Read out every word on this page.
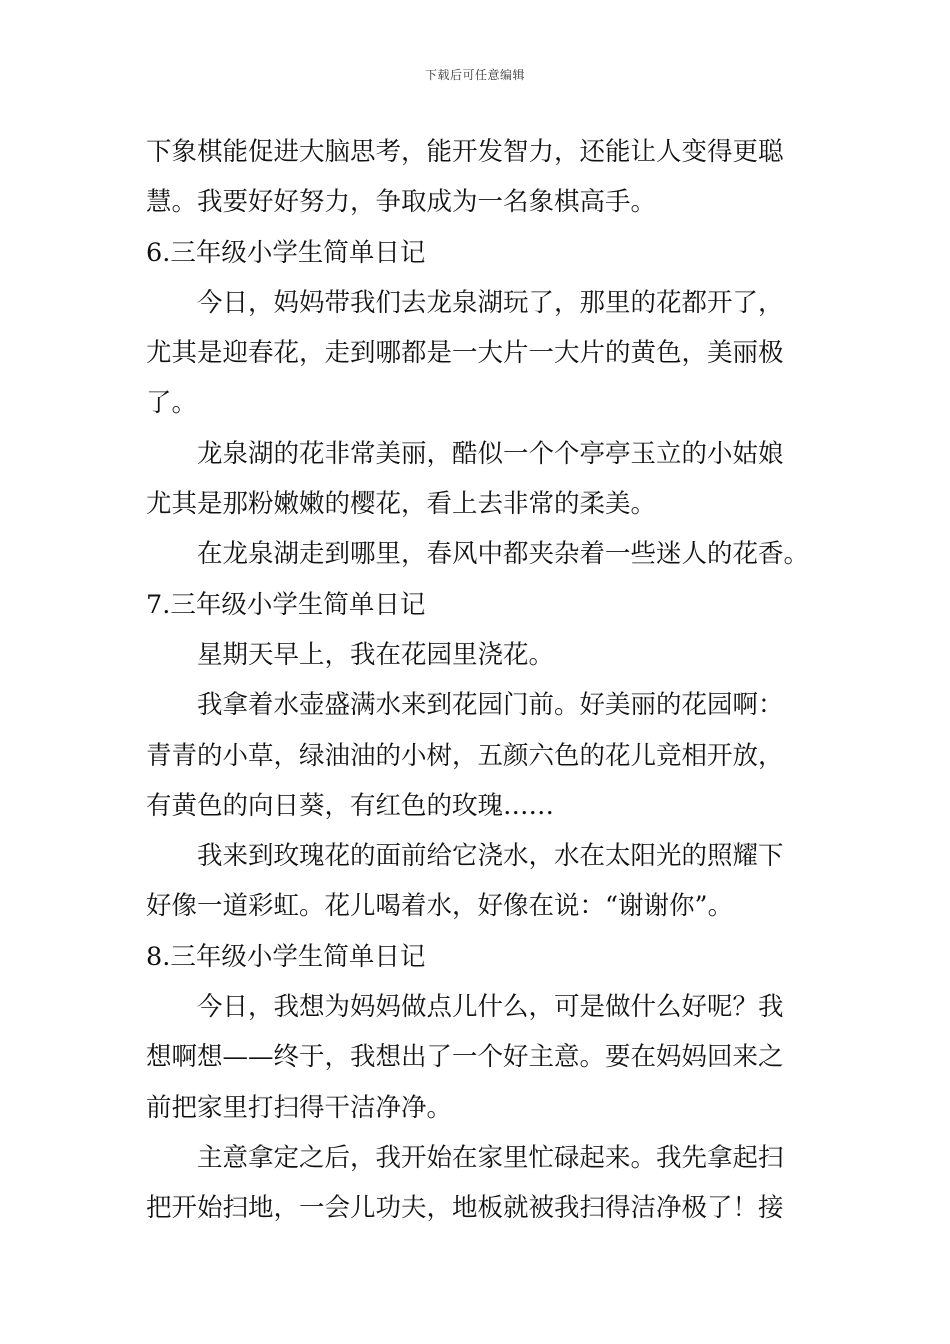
下载后可任意编辑
下象棋能促进大脑思考，能开发智力，还能让人变得更聪
慧。我要好好努力，争取成为一名象棋高手。
6.三年级小学生简单日记
今日，妈妈带我们去龙泉湖玩了，那里的花都开了，
尤其是迎春花，走到哪都是一大片一大片的黄色，美丽极
了。
龙泉湖的花非常美丽，酷似一个个亭亭玉立的小姑娘
尤其是那粉嫩嫩的樱花，看上去非常的柔美。
在龙泉湖走到哪里，春风中都夹杂着一些迷人的花香。
7.三年级小学生简单日记
星期天早上，我在花园里浇花。
我拿着水壶盛满水来到花园门前。好美丽的花园啊：
青青的小草，绿油油的小树，五颜六色的花儿竞相开放，
有黄色的向日葵，有红色的玫瑰……
我来到玫瑰花的面前给它浇水，水在太阳光的照耀下
好像一道彩虹。花儿喝着水，好像在说：“谢谢你”。
8.三年级小学生简单日记
今日，我想为妈妈做点儿什么，可是做什么好呢？我
想啊想——终于，我想出了一个好主意。要在妈妈回来之
前把家里打扫得干洁净净。
主意拿定之后，我开始在家里忙碌起来。我先拿起扫
把开始扫地，一会儿功夫，地板就被我扫得洁净极了！接
